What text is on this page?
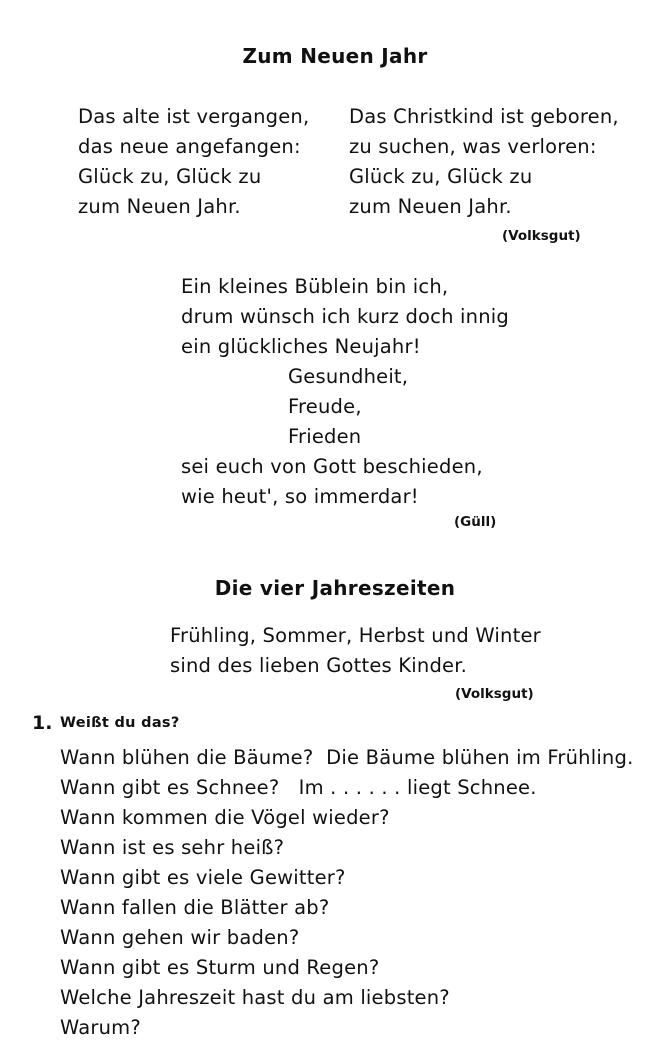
Zum Neuen Jahr
Das alte ist vergangen,
das neue angefangen:
Glück zu, Glück zu
zum Neuen Jahr.
Das Christkind ist geboren,
zu suchen, was verloren:
Glück zu, Glück zu
zum Neuen Jahr.
(Volksgut)
Ein kleines Büblein bin ich,
drum wünsch ich kurz doch innig
ein glückliches Neujahr!
Gesundheit,
Freude,
Frieden
sei euch von Gott beschieden,
wie heut', so immerdar!
(Güll)
Die vier Jahreszeiten
Frühling, Sommer, Herbst und Winter
sind des lieben Gottes Kinder.
(Volksgut)
1. Weißt du das?
Wann blühen die Bäume?  Die Bäume blühen im Frühling.
Wann gibt es Schnee?   Im . . . . . . liegt Schnee.
Wann kommen die Vögel wieder?
Wann ist es sehr heiß?
Wann gibt es viele Gewitter?
Wann fallen die Blätter ab?
Wann gehen wir baden?
Wann gibt es Sturm und Regen?
Welche Jahreszeit hast du am liebsten?
Warum?
